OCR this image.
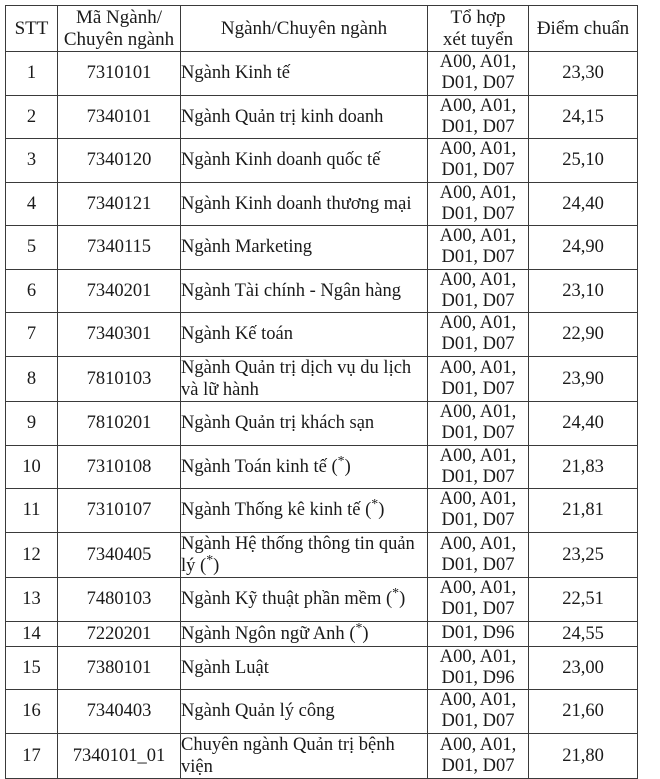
STT	Mã Ngành/
Chuyên ngành	Ngành/Chuyên ngành	Tổ hợp
xét tuyển	Điểm chuẩn
1	7310101	Ngành Kinh tế	A00, A01,
D01, D07	23,30
2	7340101	Ngành Quản trị kinh doanh	A00, A01,
D01, D07	24,15
3	7340120	Ngành Kinh doanh quốc tế	A00, A01,
D01, D07	25,10
4	7340121	Ngành Kinh doanh thương mại	A00, A01,
D01, D07	24,40
5	7340115	Ngành Marketing	A00, A01,
D01, D07	24,90
6	7340201	Ngành Tài chính - Ngân hàng	A00, A01,
D01, D07	23,10
7	7340301	Ngành Kế toán	A00, A01,
D01, D07	22,90
8	7810103	Ngành Quản trị dịch vụ du lịch và lữ hành	A00, A01,
D01, D07	23,90
9	7810201	Ngành Quản trị khách sạn	A00, A01,
D01, D07	24,40
10	7310108	Ngành Toán kinh tế (*)	A00, A01,
D01, D07	21,83
11	7310107	Ngành Thống kê kinh tế (*)	A00, A01,
D01, D07	21,81
12	7340405	Ngành Hệ thống thông tin quản lý (*)	A00, A01,
D01, D07	23,25
13	7480103	Ngành Kỹ thuật phần mềm (*)	A00, A01,
D01, D07	22,51
14	7220201	Ngành Ngôn ngữ Anh (*)	D01, D96	24,55
15	7380101	Ngành Luật	A00, A01,
D01, D96	23,00
16	7340403	Ngành Quản lý công	A00, A01,
D01, D07	21,60
17	7340101_01	Chuyên ngành Quản trị bệnh viện	A00, A01,
D01, D07	21,80
